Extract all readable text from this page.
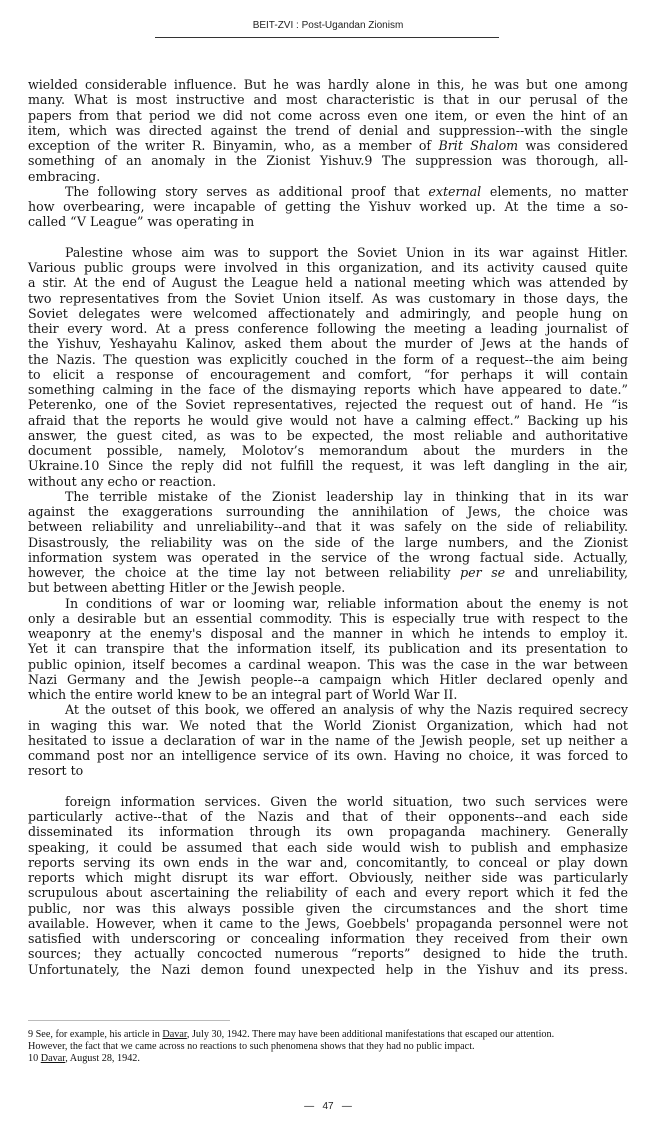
BEIT-ZVI : Post-Ugandan Zionism
wielded considerable influence. But he was hardly alone in this, he was but one among
many. What is most instructive and most characteristic is that in our perusal of the
papers from that period we did not come across even one item, or even the hint of an
item, which was directed against the trend of denial and suppression--with the single
exception of the writer R. Binyamin, who, as a member of Brit Shalom was considered
something of an anomaly in the Zionist Yishuv.9 The suppression was thorough, all-
embracing.
The following story serves as additional proof that external elements, no matter
how overbearing, were incapable of getting the Yishuv worked up. At the time a so-
called “V League” was operating in
Palestine whose aim was to support the Soviet Union in its war against Hitler.
Various public groups were involved in this organization, and its activity caused quite
a stir. At the end of August the League held a national meeting which was attended by
two representatives from the Soviet Union itself. As was customary in those days, the
Soviet delegates were welcomed affectionately and admiringly, and people hung on
their every word. At a press conference following the meeting a leading journalist of
the Yishuv, Yeshayahu Kalinov, asked them about the murder of Jews at the hands of
the Nazis. The question was explicitly couched in the form of a request--the aim being
to elicit a response of encouragement and comfort, “for perhaps it will contain
something calming in the face of the dismaying reports which have appeared to date.”
Peterenko, one of the Soviet representatives, rejected the request out of hand. He “is
afraid that the reports he would give would not have a calming effect.” Backing up his
answer, the guest cited, as was to be expected, the most reliable and authoritative
document possible, namely, Molotov’s memorandum about the murders in the
Ukraine.10 Since the reply did not fulfill the request, it was left dangling in the air,
without any echo or reaction.
The terrible mistake of the Zionist leadership lay in thinking that in its war
against the exaggerations surrounding the annihilation of Jews, the choice was
between reliability and unreliability--and that it was safely on the side of reliability.
Disastrously, the reliability was on the side of the large numbers, and the Zionist
information system was operated in the service of the wrong factual side. Actually,
however, the choice at the time lay not between reliability per se and unreliability,
but between abetting Hitler or the Jewish people.
In conditions of war or looming war, reliable information about the enemy is not
only a desirable but an essential commodity. This is especially true with respect to the
weaponry at the enemy's disposal and the manner in which he intends to employ it.
Yet it can transpire that the information itself, its publication and its presentation to
public opinion, itself becomes a cardinal weapon. This was the case in the war between
Nazi Germany and the Jewish people--a campaign which Hitler declared openly and
which the entire world knew to be an integral part of World War II.
At the outset of this book, we offered an analysis of why the Nazis required secrecy
in waging this war. We noted that the World Zionist Organization, which had not
hesitated to issue a declaration of war in the name of the Jewish people, set up neither a
command post nor an intelligence service of its own. Having no choice, it was forced to
resort to
foreign information services. Given the world situation, two such services were
particularly active--that of the Nazis and that of their opponents--and each side
disseminated its information through its own propaganda machinery. Generally
speaking, it could be assumed that each side would wish to publish and emphasize
reports serving its own ends in the war and, concomitantly, to conceal or play down
reports which might disrupt its war effort. Obviously, neither side was particularly
scrupulous about ascertaining the reliability of each and every report which it fed the
public, nor was this always possible given the circumstances and the short time
available. However, when it came to the Jews, Goebbels' propaganda personnel were not
satisfied with underscoring or concealing information they received from their own
sources; they actually concocted numerous “reports” designed to hide the truth.
Unfortunately, the Nazi demon found unexpected help in the Yishuv and its press.
9 See, for example, his article in Davar, July 30, 1942. There may have been additional manifestations that escaped our attention.
However, the fact that we came across no reactions to such phenomena shows that they had no public impact.
10 Davar, August 28, 1942.
— 47 —
